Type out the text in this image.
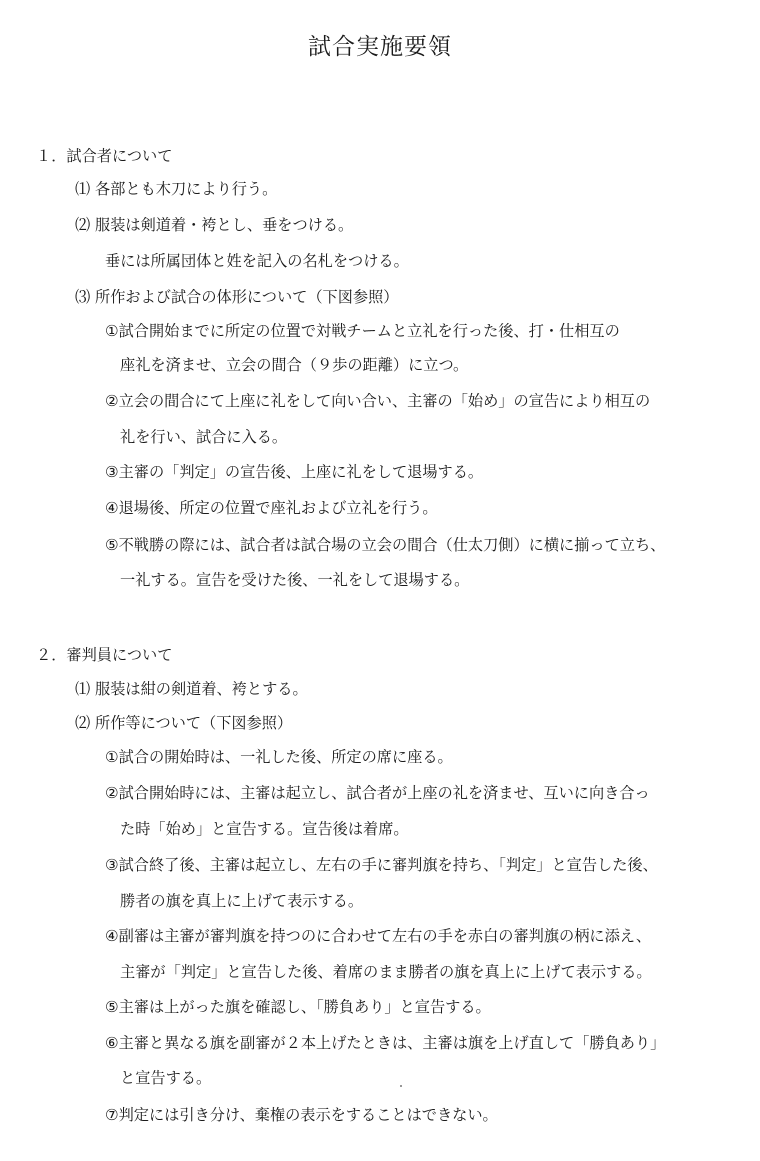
試合実施要領
１．試合者について
⑴ 各部とも木刀により行う。
⑵ 服装は剣道着・袴とし、垂をつける。
垂には所属団体と姓を記入の名札をつける。
⑶ 所作および試合の体形について（下図参照）
①試合開始までに所定の位置で対戦チームと立礼を行った後、打・仕相互の
座礼を済ませ、立会の間合（９歩の距離）に立つ。
②立会の間合にて上座に礼をして向い合い、主審の「始め」の宣告により相互の
礼を行い、試合に入る。
③主審の「判定」の宣告後、上座に礼をして退場する。
④退場後、所定の位置で座礼および立礼を行う。
⑤不戦勝の際には、試合者は試合場の立会の間合（仕太刀側）に横に揃って立ち、
一礼する。宣告を受けた後、一礼をして退場する。
２．審判員について
⑴ 服装は紺の剣道着、袴とする。
⑵ 所作等について（下図参照）
①試合の開始時は、一礼した後、所定の席に座る。
②試合開始時には、主審は起立し、試合者が上座の礼を済ませ、互いに向き合っ
た時「始め」と宣告する。宣告後は着席。
③試合終了後、主審は起立し、左右の手に審判旗を持ち、「判定」と宣告した後、
勝者の旗を真上に上げて表示する。
④副審は主審が審判旗を持つのに合わせて左右の手を赤白の審判旗の柄に添え、
主審が「判定」と宣告した後、着席のまま勝者の旗を真上に上げて表示する。
⑤主審は上がった旗を確認し、「勝負あり」と宣告する。
⑥主審と異なる旗を副審が２本上げたときは、主審は旗を上げ直して「勝負あり」
と宣告する。
⑦判定には引き分け、棄権の表示をすることはできない。
